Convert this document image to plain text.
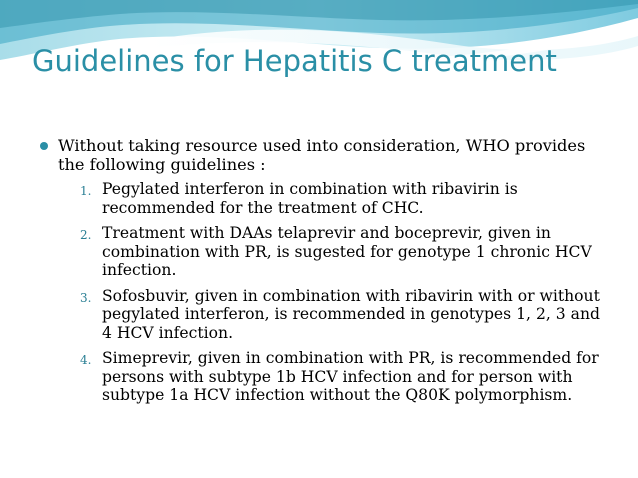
Guidelines for Hepatitis C treatment
Without taking resource used into consideration, WHO provides the following guidelines :
1. Pegylated interferon in combination with ribavirin is recommended for the treatment of CHC.
2. Treatment with DAAs telaprevir and boceprevir, given in combination with PR, is sugested for genotype 1 chronic HCV infection.
3. Sofosbuvir, given in combination with ribavirin with or without pegylated interferon, is recommended in genotypes 1, 2, 3 and 4 HCV infection.
4. Simeprevir, given in combination with PR, is recommended for persons with subtype 1b HCV infection and for person with subtype 1a HCV infection without the Q80K polymorphism.
